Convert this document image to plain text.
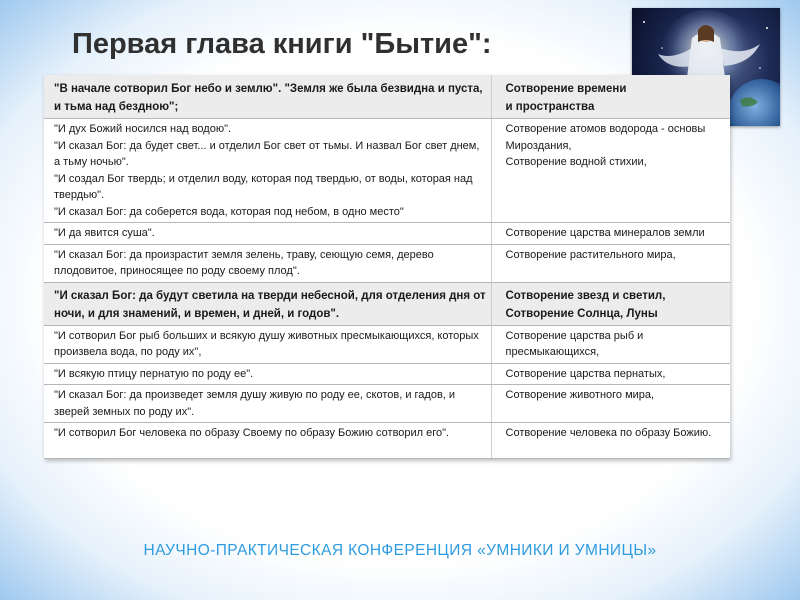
Первая глава книги "Бытие":
"В начале сотворил Бог небо и землю". "Земля же была безвидна и пуста, и тьма над бездною";	Сотворение времени
и пространства

"И дух Божий носился над водою".
"И сказал Бог: да будет свет... и отделил Бог свет от тьмы. И назвал Бог свет днем, а тьму ночью".
"И создал Бог твердь; и отделил воду, которая под твердью, от воды, которая над твердью".
"И сказал Бог: да соберется вода, которая под небом, в одно место"	Сотворение атомов водорода - основы Мироздания,
Сотворение водной стихии,

"И да явится суша".	Сотворение царства минералов земли

"И сказал Бог: да произрастит земля зелень, траву, сеющую семя, дерево плодовитое, приносящее по роду своему плод".	Сотворение растительного мира,

"И сказал Бог: да будут светила на тверди небесной, для отделения дня от ночи, и для знамений, и времен, и дней, и годов".	Сотворение звезд и светил,
Сотворение Солнца, Луны

"И сотворил Бог рыб больших и всякую душу животных пресмыкающихся, которых произвела вода, по роду их",	Сотворение царства рыб и пресмыкающихся,

"И всякую птицу пернатую по роду ее".	Сотворение царства пернатых,

"И сказал Бог: да произведет земля душу живую по роду ее, скотов, и гадов, и зверей земных по роду их".	Сотворение животного мира,

"И сотворил Бог человека по образу Своему по образу Божию сотворил его".	Сотворение человека по образу Божию.
НАУЧНО-ПРАКТИЧЕСКАЯ КОНФЕРЕНЦИЯ «УМНИКИ И УМНИЦЫ»
